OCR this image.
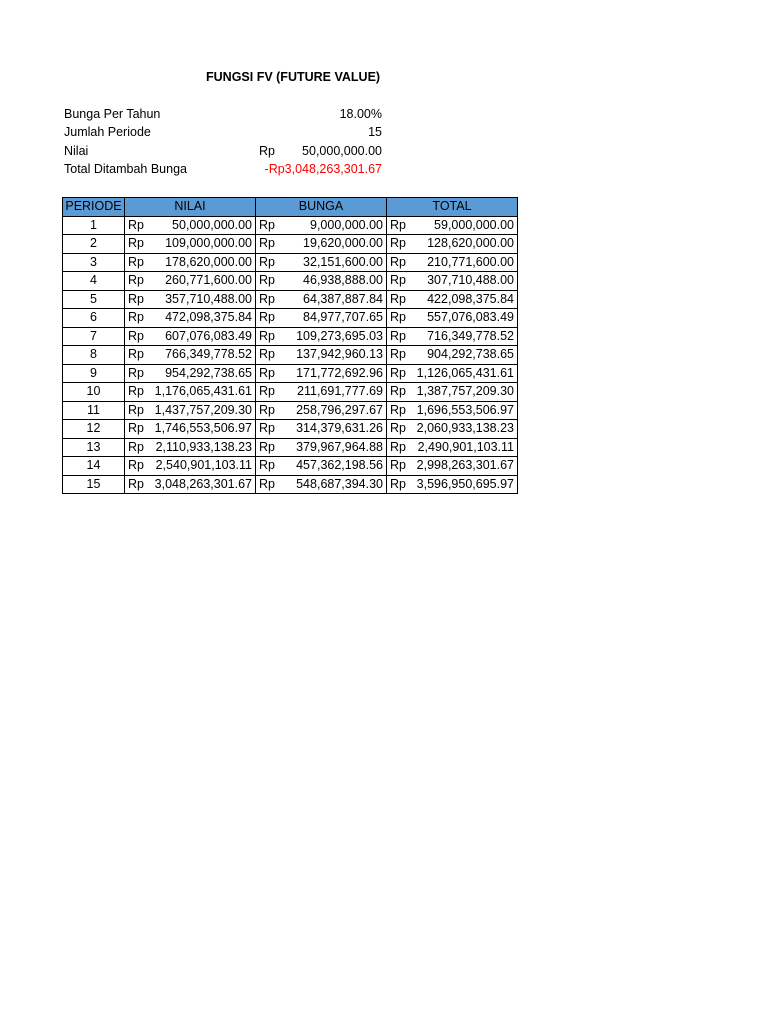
FUNGSI FV (FUTURE VALUE)
Bunga Per Tahun	18.00%
Jumlah Periode	15
Nilai	Rp 50,000,000.00
Total Ditambah Bunga	-Rp3,048,263,301.67
PERIODE	NILAI	BUNGA	TOTAL
1	Rp 50,000,000.00	Rp 9,000,000.00	Rp 59,000,000.00

2	Rp 109,000,000.00	Rp 19,620,000.00	Rp 128,620,000.00

3	Rp 178,620,000.00	Rp 32,151,600.00	Rp 210,771,600.00

4	Rp 260,771,600.00	Rp 46,938,888.00	Rp 307,710,488.00

5	Rp 357,710,488.00	Rp 64,387,887.84	Rp 422,098,375.84

6	Rp 472,098,375.84	Rp 84,977,707.65	Rp 557,076,083.49

7	Rp 607,076,083.49	Rp 109,273,695.03	Rp 716,349,778.52

8	Rp 766,349,778.52	Rp 137,942,960.13	Rp 904,292,738.65

9	Rp 954,292,738.65	Rp 171,772,692.96	Rp 1,126,065,431.61

10	Rp 1,176,065,431.61	Rp 211,691,777.69	Rp 1,387,757,209.30

11	Rp 1,437,757,209.30	Rp 258,796,297.67	Rp 1,696,553,506.97

12	Rp 1,746,553,506.97	Rp 314,379,631.26	Rp 2,060,933,138.23

13	Rp 2,110,933,138.23	Rp 379,967,964.88	Rp 2,490,901,103.11

14	Rp 2,540,901,103.11	Rp 457,362,198.56	Rp 2,998,263,301.67

15	Rp 3,048,263,301.67	Rp 548,687,394.30	Rp 3,596,950,695.97
